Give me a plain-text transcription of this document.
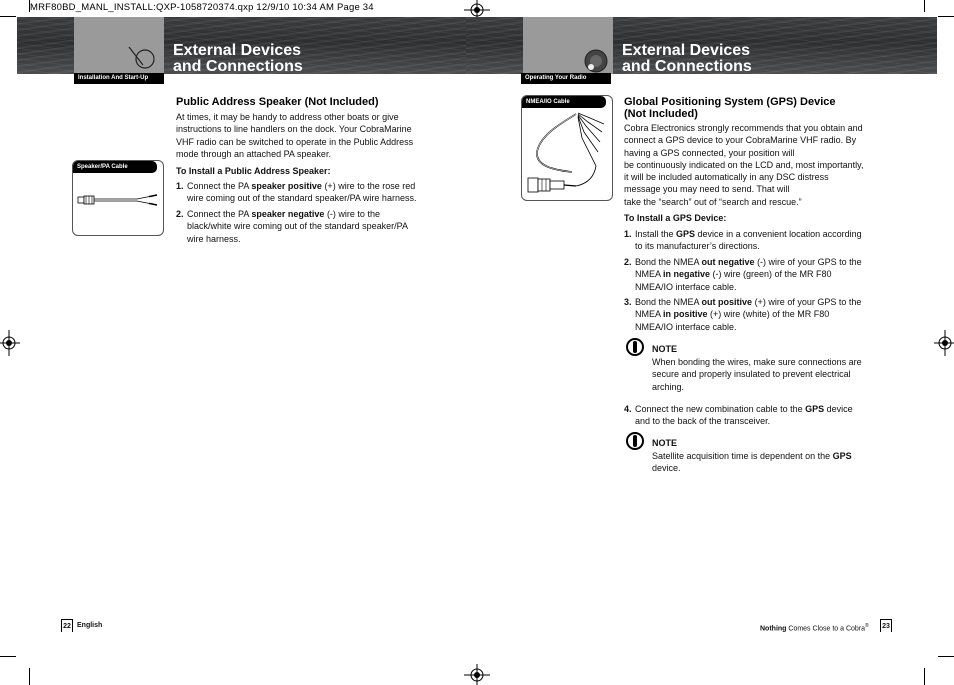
MRF80BD_MANL_INSTALL:QXP-1058720374.qxp 12/9/10 10:34 AM Page 34
External Devices
and Connections
Installation And Start-Up
Speaker/PA Cable
Public Address Speaker (Not Included)
At times, it may be handy to address other boats or give instructions to line handlers on the dock. Your CobraMarine VHF radio can be switched to operate in the Public Address mode through an attached PA speaker.
To Install a Public Address Speaker:
1. Connect the PA speaker positive (+) wire to the rose red
wire coming out of the standard speaker/PA wire harness.
2. Connect the PA speaker negative (-) wire to the
black/white wire coming out of the standard speaker/PA
wire harness.
22 English
External Devices
and Connections
Operating Your Radio
NMEA/IO Cable	Global Positioning System (GPS) Device
(Not Included)
Cobra Electronics strongly recommends that you obtain and
connect a GPS device to your CobraMarine VHF radio. By
having a GPS connected, your position will
be continuously indicated on the LCD and, most importantly,
it will be included automatically in any DSC distress
message you may need to send. That will
take the “search” out of “search and rescue.”
To Install a GPS Device:
1. Install the GPS device in a convenient location according
to its manufacturer’s directions.
2. Bond the NMEA out negative (-) wire of your GPS to the
NMEA in negative (-) wire (green) of the MR F80
NMEA/IO interface cable.
3. Bond the NMEA out positive (+) wire of your GPS to the
NMEA in positive (+) wire (white) of the MR F80
NMEA/IO interface cable.
NOTE
When bonding the wires, make sure connections are
secure and properly insulated to prevent electrical
arching.
4. Connect the new combination cable to the GPS device
and to the back of the transceiver.
NOTE
Satellite acquisition time is dependent on the GPS
device.
Nothing Comes Close to a Cobra® 23
